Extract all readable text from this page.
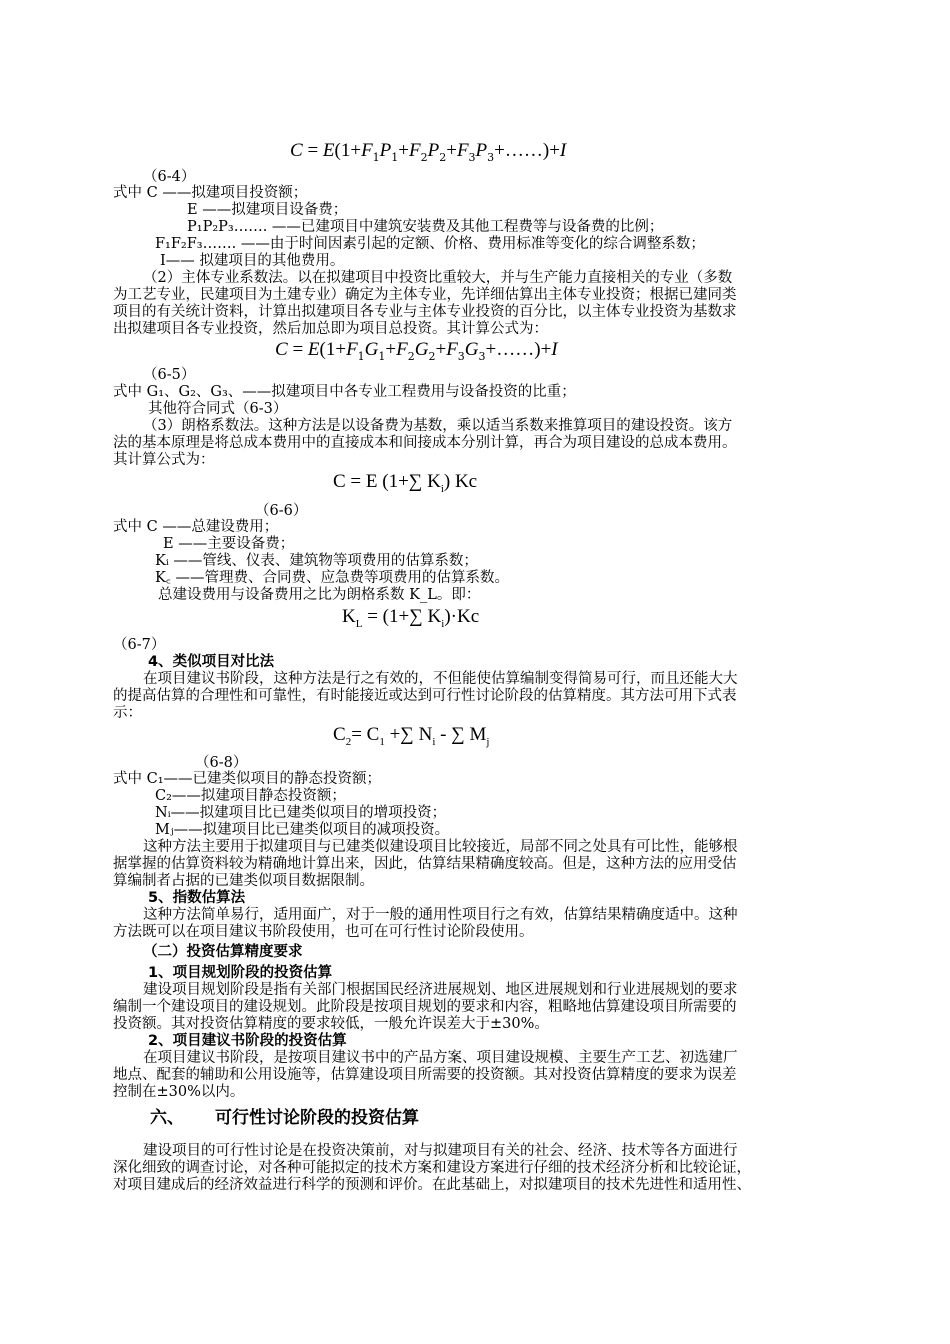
$C = E(1+F_1P_1+F_2P_2+F_3P_3+\dots\dots)+I$
$C = E(1+F_1G_1+F_2G_2+F_3G_3+\dots\dots)+I$
C = E (1+∑ $K_i$) Kc
$K_L = (1+\sum$ $K_i)\cdot Kc$
$C_2= C_1$ +∑ $N_i$ - ∑ $M_j$
（6-4）
式中 C ——拟建项目投资额；
E ——拟建项目设备费；
P₁P₂P₃……. ——已建项目中建筑安装费及其他工程费等与设备费的比例；
F₁F₂F₃……. ——由于时间因素引起的定额、价格、费用标准等变化的综合调整系数；
I—— 拟建项目的其他费用。
（2）主体专业系数法。以在拟建项目中投资比重较大，并与生产能力直接相关的专业（多数
为工艺专业，民建项目为土建专业）确定为主体专业，先详细估算出主体专业投资；根据已建同类
项目的有关统计资料，计算出拟建项目各专业与主体专业投资的百分比，以主体专业投资为基数求
出拟建项目各专业投资，然后加总即为项目总投资。其计算公式为：
（6-5）
式中 G₁、G₂、G₃、——拟建项目中各专业工程费用与设备投资的比重；
其他符合同式（6-3）
（3）朗格系数法。这种方法是以设备费为基数，乘以适当系数来推算项目的建设投资。该方
法的基本原理是将总成本费用中的直接成本和间接成本分别计算，再合为项目建设的总成本费用。
其计算公式为：
（6-6）
式中 C ——总建设费用；
E ——主要设备费；
Kᵢ ——管线、仪表、建筑物等项费用的估算系数；
K꜀ ——管理费、合同费、应急费等项费用的估算系数。
总建设费用与设备费用之比为朗格系数 K_L。即：
（6-7）
4、类似项目对比法
在项目建议书阶段，这种方法是行之有效的，不但能使估算编制变得简易可行，而且还能大大
的提高估算的合理性和可靠性，有时能接近或达到可行性讨论阶段的估算精度。其方法可用下式表
示：
（6-8）
式中 C₁——已建类似项目的静态投资额；
C₂——拟建项目静态投资额；
Nᵢ——拟建项目比已建类似项目的增项投资；
Mⱼ——拟建项目比已建类似项目的减项投资。
这种方法主要用于拟建项目与已建类似建设项目比较接近，局部不同之处具有可比性，能够根
据掌握的估算资料较为精确地计算出来，因此，估算结果精确度较高。但是，这种方法的应用受估
算编制者占据的已建类似项目数据限制。
5、指数估算法
这种方法简单易行，适用面广，对于一般的通用性项目行之有效，估算结果精确度适中。这种
方法既可以在项目建议书阶段使用，也可在可行性讨论阶段使用。
（二）投资估算精度要求
1、项目规划阶段的投资估算
建设项目规划阶段是指有关部门根据国民经济进展规划、地区进展规划和行业进展规划的要求
编制一个建设项目的建设规划。此阶段是按项目规划的要求和内容，粗略地估算建设项目所需要的
投资额。其对投资估算精度的要求较低，一般允许误差大于±30%。
2、项目建议书阶段的投资估算
在项目建议书阶段，是按项目建议书中的产品方案、项目建设规模、主要生产工艺、初选建厂
地点、配套的辅助和公用设施等，估算建设项目所需要的投资额。其对投资估算精度的要求为误差
控制在±30%以内。
建设项目的可行性讨论是在投资决策前，对与拟建项目有关的社会、经济、技术等各方面进行
深化细致的调查讨论，对各种可能拟定的技术方案和建设方案进行仔细的技术经济分析和比较论证，
对项目建成后的经济效益进行科学的预测和评价。在此基础上，对拟建项目的技术先进性和适用性、
六、 可行性讨论阶段的投资估算
